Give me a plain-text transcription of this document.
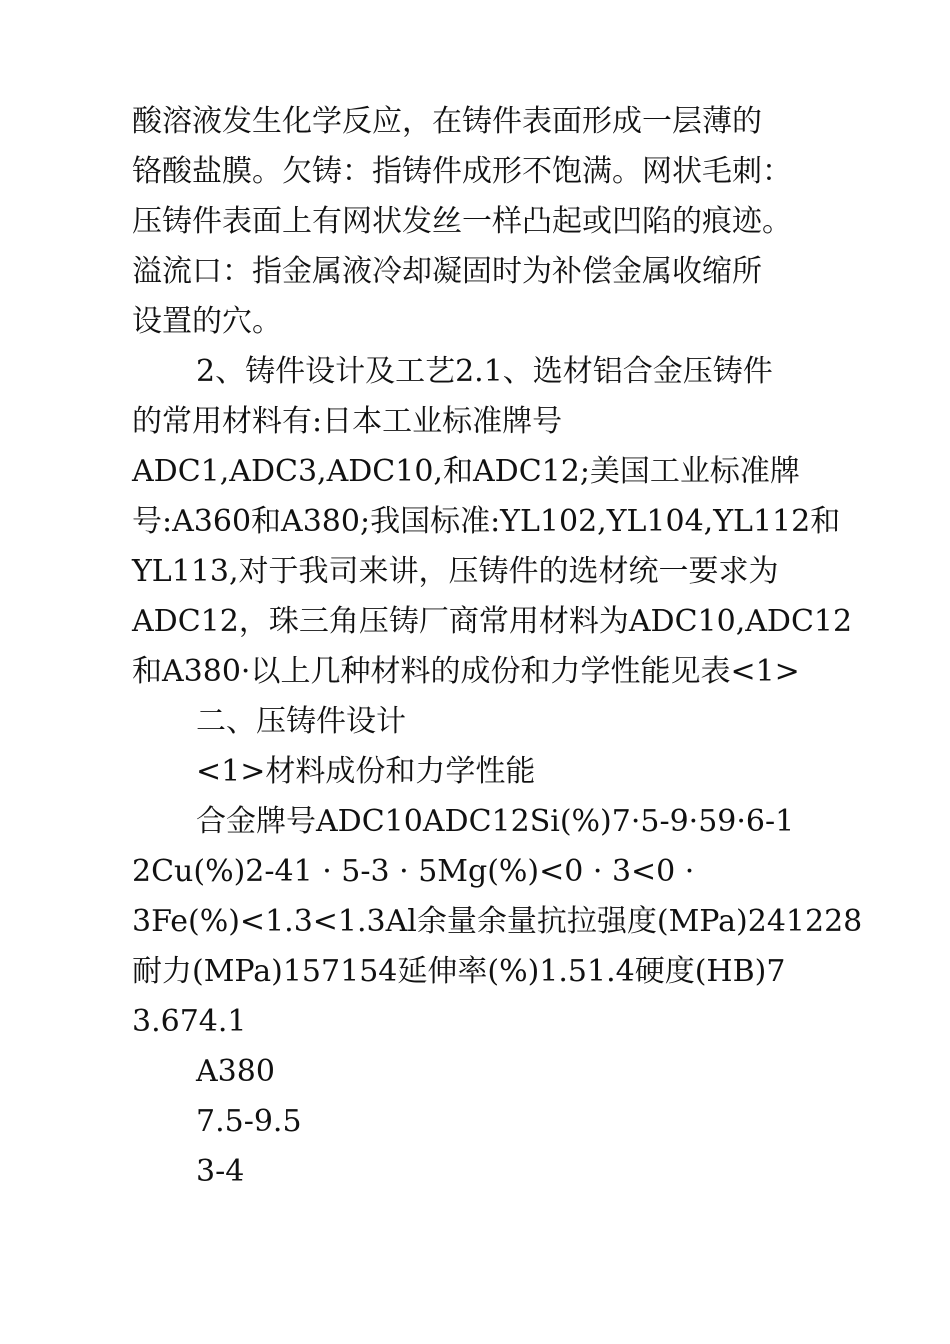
酸溶液发生化学反应，在铸件表面形成一层薄的
铬酸盐膜。欠铸：指铸件成形不饱满。网状毛刺：
压铸件表面上有网状发丝一样凸起或凹陷的痕迹。
溢流口：指金属液冷却凝固时为补偿金属收缩所
设置的穴。
2、铸件设计及工艺2.1、选材铝合金压铸件
的常用材料有:日本工业标准牌号
ADC1,ADC3,ADC10,和ADC12;美国工业标准牌
号:A360和A380;我国标准:YL102,YL104,YL112和
YL113,对于我司来讲，压铸件的选材统一要求为
ADC12，珠三角压铸厂商常用材料为ADC10,ADC12
和A380·以上几种材料的成份和力学性能见表<1>
二、压铸件设计
<1>材料成份和力学性能
合金牌号ADC10ADC12Si(%)7·5-9·59·6-1
2Cu(%)2-41 · 5-3 · 5Mg(%)<0 · 3<0 ·
3Fe(%)<1.3<1.3Al余量余量抗拉强度(MPa)241228
耐力(MPa)157154延伸率(%)1.51.4硬度(HB)7
3.674.1
A380
7.5-9.5
3-4
